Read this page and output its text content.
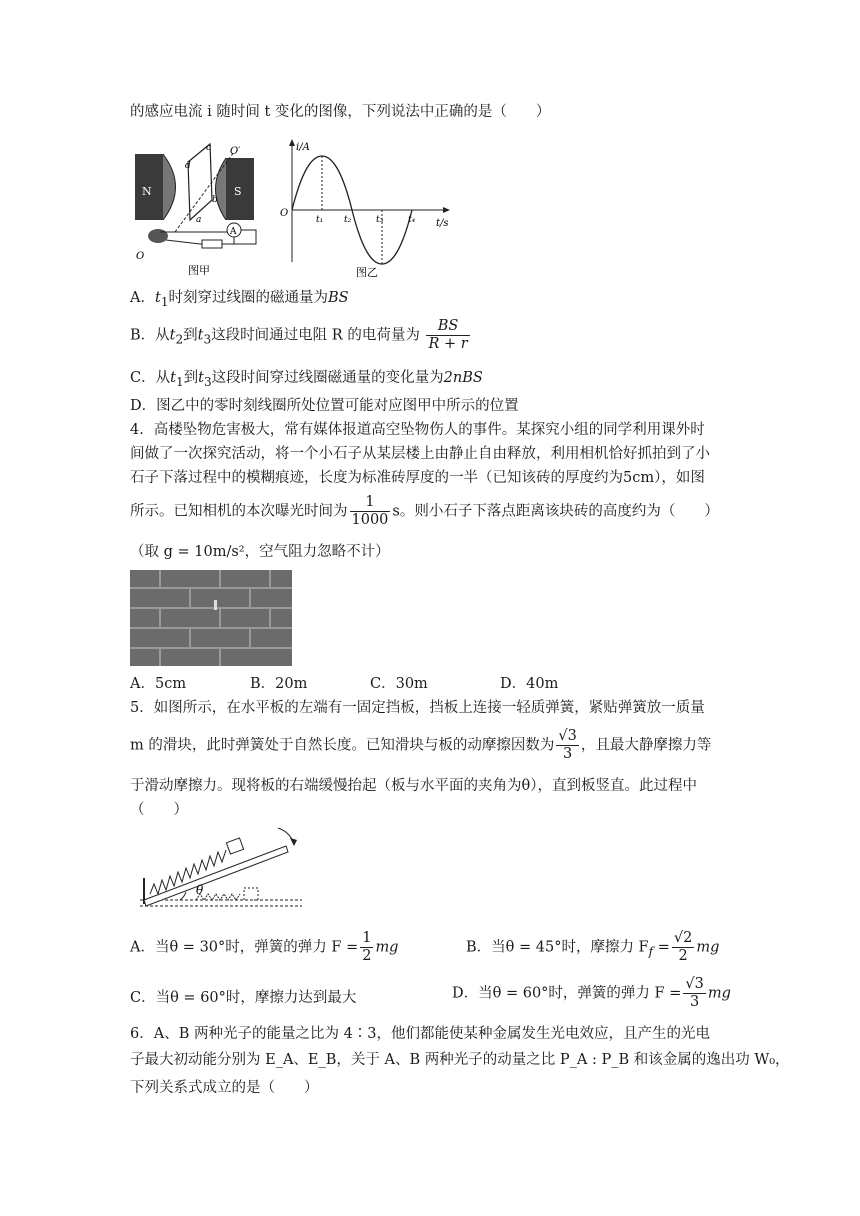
的感应电流 i 随时间 t 变化的图像，下列说法中正确的是（　　）
N	S
c
d
b
a
O′
O
A
图甲
i/A
t/s
O
t₁ t₂	t₃	t₄
图乙
A．$t_1$时刻穿过线圈的磁通量为BS
B．从$t_2$到$t_3$这段时间通过电阻 R 的电荷量为 $\frac{BS}{R + r}$
C．从$t_1$到$t_3$这段时间穿过线圈磁通量的变化量为2nBS
D．图乙中的零时刻线圈所处位置可能对应图甲中所示的位置
4．高楼坠物危害极大，常有媒体报道高空坠物伤人的事件。某探究小组的同学利用课外时
间做了一次探究活动，将一个小石子从某层楼上由静止自由释放，利用相机恰好抓拍到了小
石子下落过程中的模糊痕迹，长度为标准砖厚度的一半（已知该砖的厚度约为5cm），如图
所示。已知相机的本次曝光时间为 $\frac{1}{1000}$ s。则小石子下落点距离该块砖的高度约为（　　）
（取 g = 10m/s²，空气阻力忽略不计）
A．5cm	B．20m	C．30m	D．40m
5．如图所示，在水平板的左端有一固定挡板，挡板上连接一轻质弹簧，紧贴弹簧放一质量
m 的滑块，此时弹簧处于自然长度。已知滑块与板的动摩擦因数为 $\frac{√3}{3}$ ，且最大静摩擦力等
于滑动摩擦力。现将板的右端缓慢抬起（板与水平面的夹角为θ），直到板竖直。此过程中
（　　）
θ
A．当θ = 30°时，弹簧的弹力 $F = \frac{1}{2}$ mg	B．当θ = 45°时，摩擦力 $F_f = \frac{√2}{2}$ mg
C．当θ = 60°时，摩擦力达到最大	D．当θ = 60°时，弹簧的弹力 $F = \frac{√3}{3}$ mg
6．A、B 两种光子的能量之比为 4∶3，他们都能使某种金属发生光电效应，且产生的光电
子最大初动能分别为 E_A、E_B，关于 A、B 两种光子的动量之比 P_A : P_B 和该金属的逸出功 W₀，
下列关系式成立的是（　　）
